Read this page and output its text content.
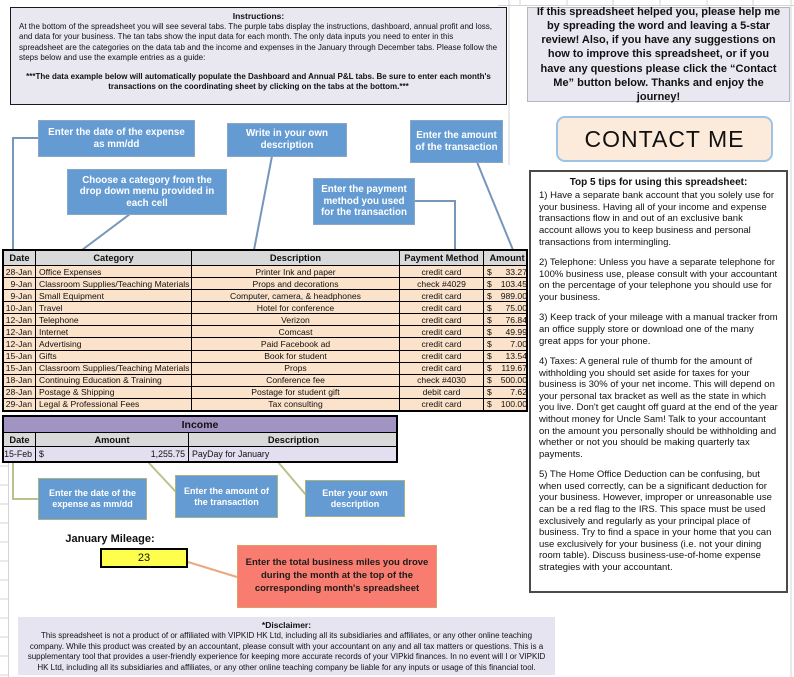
Instructions:
At the bottom of the spreadsheet you will see several tabs. The purple tabs display the instructions, dashboard, annual profit and loss, and data for your business. The tan tabs show the input data for each month. The only data inputs you need to enter in this spreadsheet are the categories on the data tab and the income and expenses in the January through December tabs. Please follow the steps below and use the example entries as a guide:
***The data example below will automatically populate the Dashboard and Annual P&L tabs. Be sure to enter each month's transactions on the coordinating sheet by clicking on the tabs at the bottom.***
If this spreadsheet helped you, please help me by spreading the word and leaving a 5-star review! Also, if you have any suggestions on how to improve this spreadsheet, or if you have any questions please click the “Contact Me” button below. Thanks and enjoy the journey!
CONTACT ME
Top 5 tips for using this spreadsheet:

1) Have a separate bank account that you solely use for your business. Having all of your income and expense transactions flow in and out of an exclusive bank account allows you to keep business and personal transactions from intermingling.

2) Telephone: Unless you have a separate telephone for 100% business use, please consult with your accountant on the percentage of your telephone you should use for your business.

3) Keep track of your mileage with a manual tracker from an office supply store or download one of the many great apps for your phone.

4) Taxes: A general rule of thumb for the amount of withholding you should set aside for taxes for your business is 30% of your net income. This will depend on your personal tax bracket as well as the state in which you live. Don't get caught off guard at the end of the year without money for Uncle Sam! Talk to your accountant on the amount you personally should be withholding and whether or not you should be making quarterly tax payments.

5) The Home Office Deduction can be confusing, but when used correctly, can be a significant deduction for your business. However, improper or unreasonable use can be a red flag to the IRS. This space must be used exclusively and regularly as your principal place of business. Try to find a space in your home that you can use exclusively for your business (i.e. not your dining room table). Discuss business-use-of-home expense strategies with your accountant.

Enter the date of the expense as mm/dd
Write in your own description
Enter the amount of the transaction
Choose a category from the drop down menu provided in each cell
Enter the payment method you used for the transaction
Date	Category	Description	Payment Method	Amount
28-Jan Office Expenses	Printer Ink and paper	credit card	$ 33.27
9-Jan Classroom Supplies/Teaching Materials	Props and decorations	check #4029	$ 103.45
9-Jan Small Equipment	Computer, camera, & headphones	credit card	$ 989.00
10-Jan Travel	Hotel for conference	credit card	$ 75.00
12-Jan Telephone	Verizon	credit card	$ 76.84
12-Jan Internet	Comcast	credit card	$ 49.99
12-Jan Advertising	Paid Facebook ad	credit card	$ 7.00
15-Jan Gifts	Book for student	credit card	$ 13.54
15-Jan Classroom Supplies/Teaching Materials	Props	credit card	$ 119.67
18-Jan Continuing Education & Training	Conference fee	check #4030	$ 500.00
28-Jan Postage & Shipping	Postage for student gift	debit card	$ 7.62
29-Jan Legal & Professional Fees	Tax consulting	credit card	$ 100.00
Income
Date	Amount	Description
15-Feb $	1,255.75 PayDay for January
Enter the date of the expense as mm/dd
Enter the amount of the transaction
Enter your own description
January Mileage:
23	Enter the total business miles you drove during the month at the top of the corresponding month's spreadsheet
*Disclaimer:
This spreadsheet is not a product of or affiliated with VIPKID HK Ltd, including all its subsidiaries and affiliates, or any other online teaching company. While this product was created by an accountant, please consult with your accountant on any and all tax matters or questions. This is a supplementary tool that provides a user-friendly experience for keeping more accurate records of your VIPkid finances. In no event will I or VIPKID HK Ltd, including all its subsidiaries and affiliates, or any other online teaching company be liable for any inputs or usage of this financial tool.
